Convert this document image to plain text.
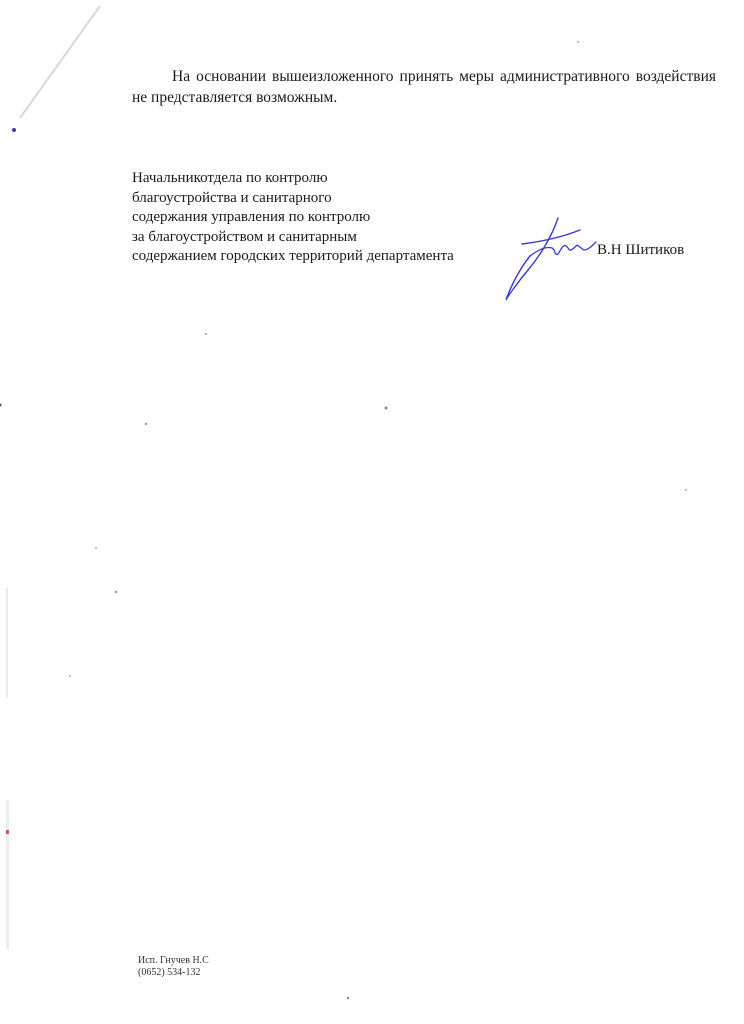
На основании вышеизложенного принять меры административного воздействия не представляется возможным.

Начальникотдела по контролю
благоустройства и санитарного
содержания управления по контролю
за благоустройством и санитарным
содержанием городских территорий департамента	В.Н Шитиков
Исп. Гнучев Н.С
(0652) 534-132
